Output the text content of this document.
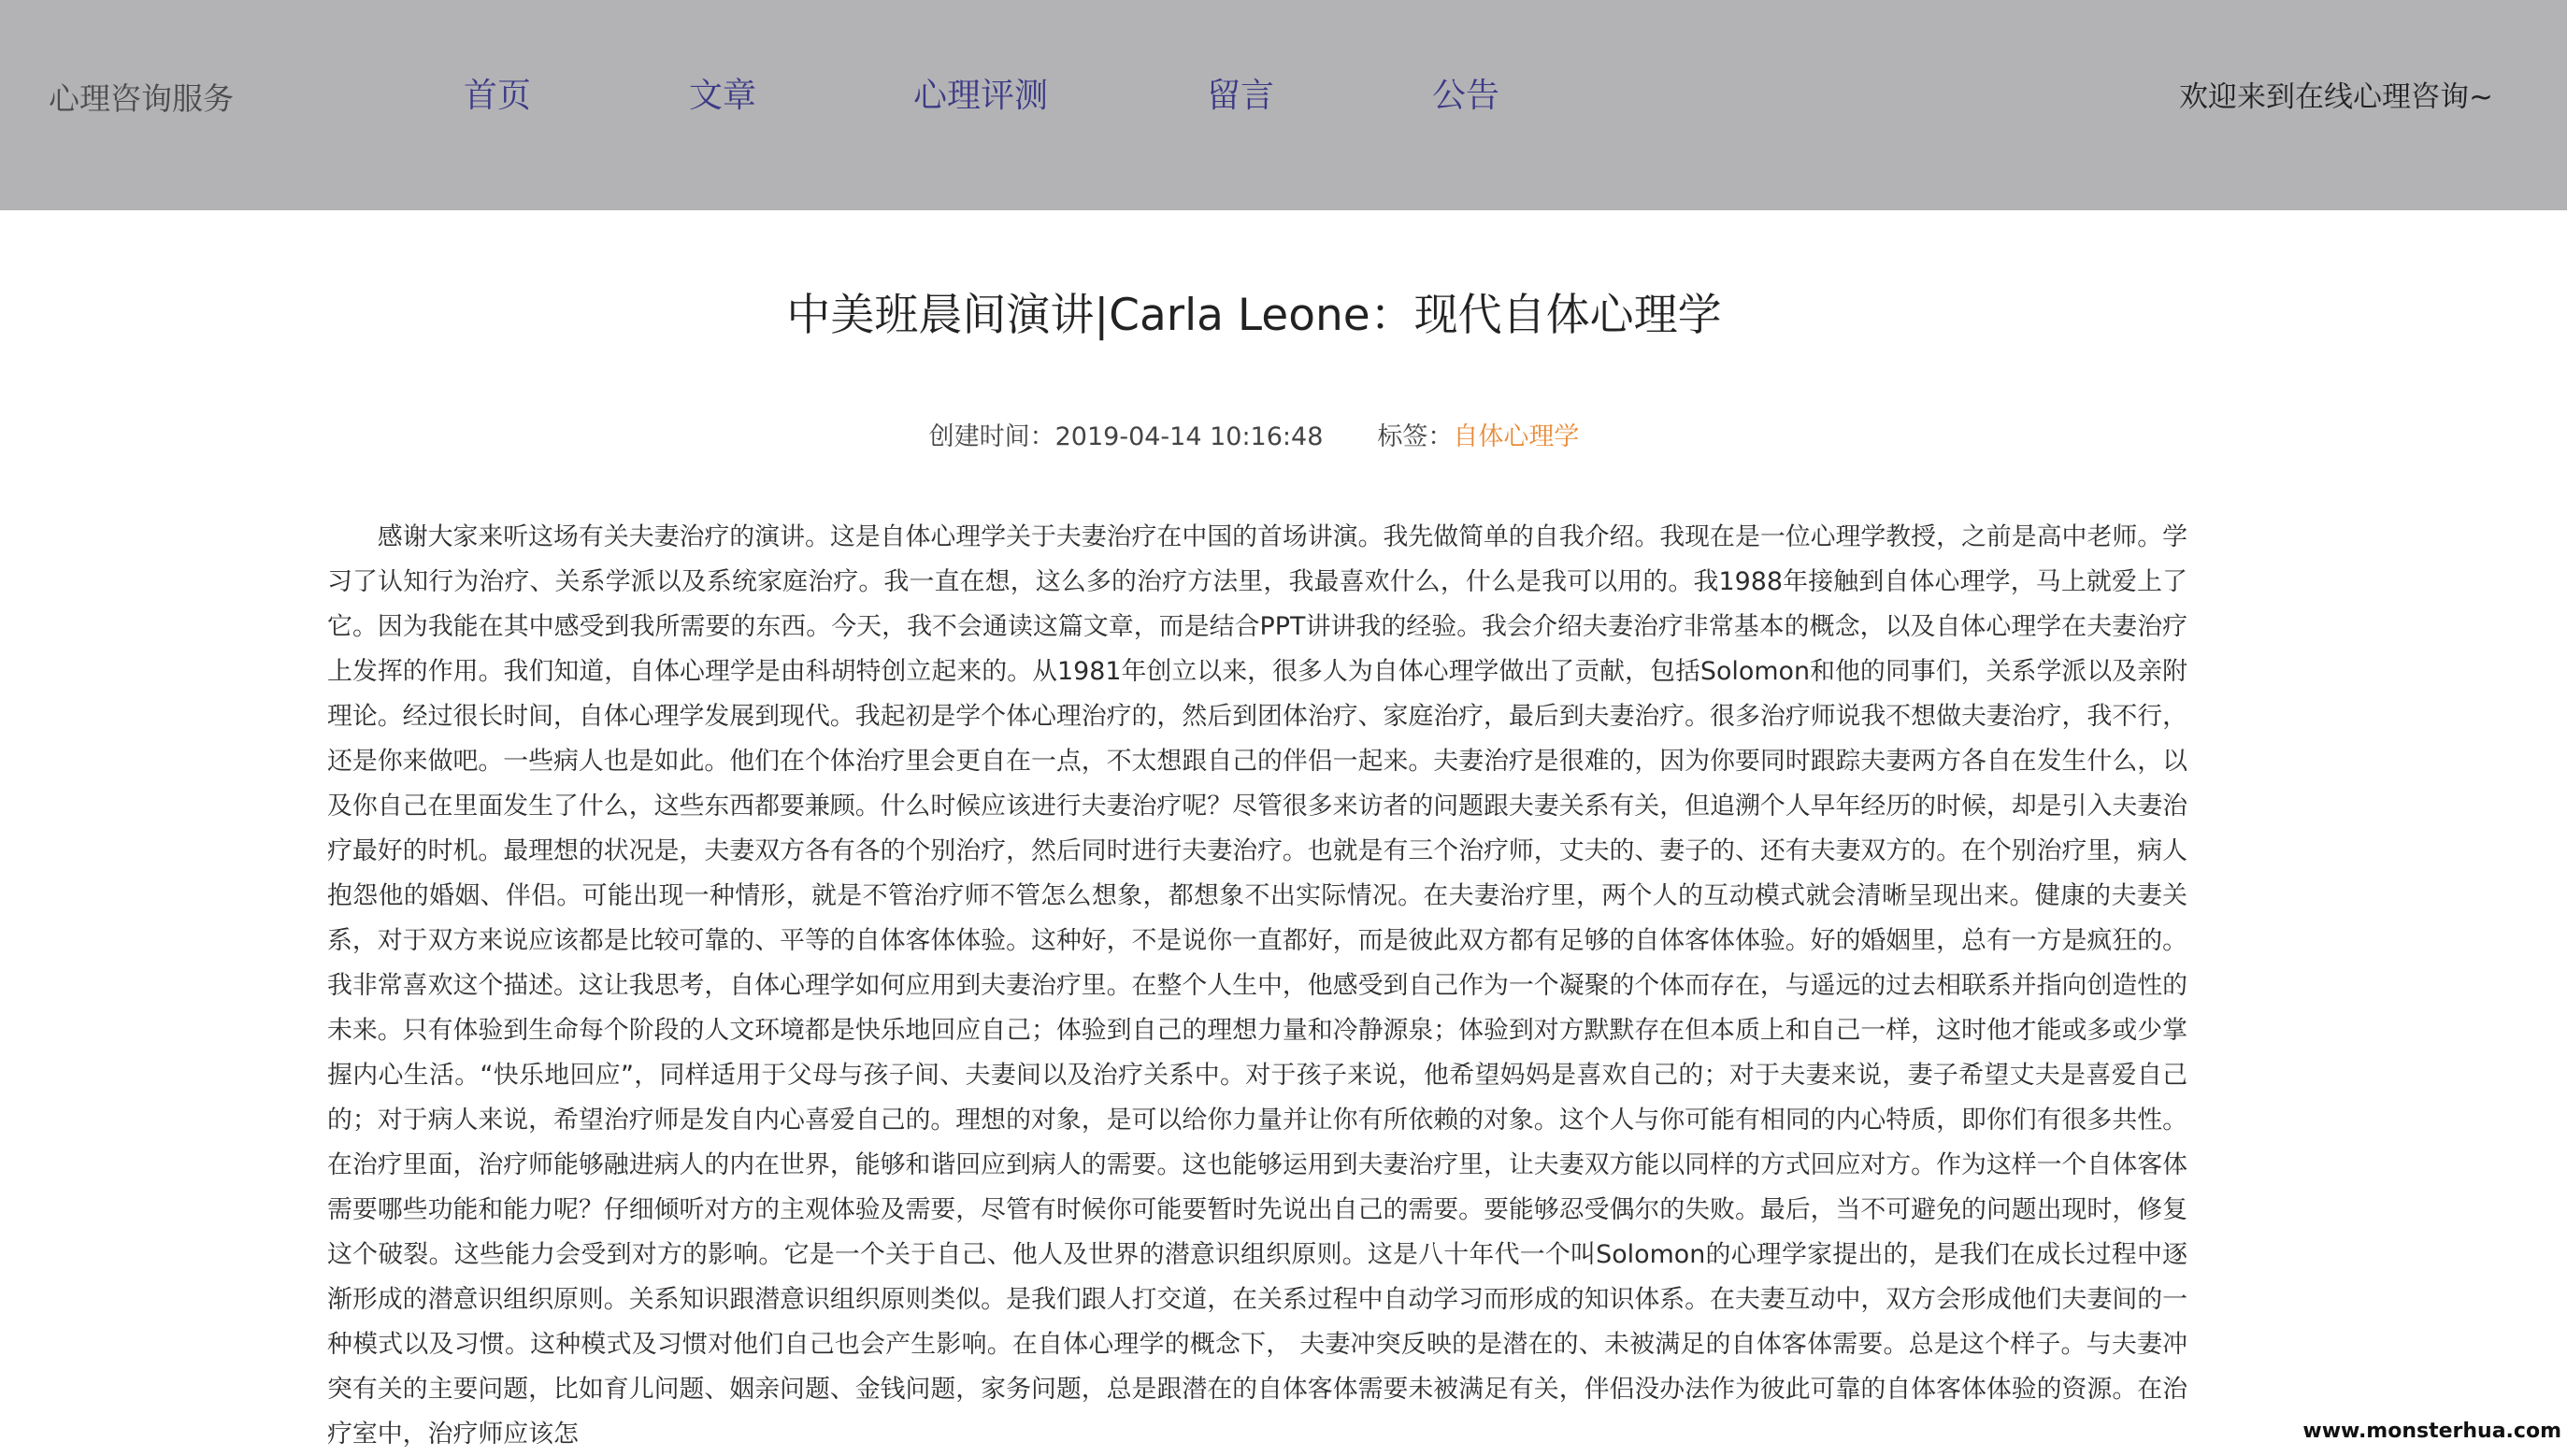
心理咨询服务	首页	文章	心理评测	留言	公告	欢迎来到在线心理咨询~
中美班晨间演讲|Carla Leone：现代自体心理学
创建时间：2019-04-14 10:16:48 标签：自体心理学

感谢大家来听这场有关夫妻治疗的演讲。这是自体心理学关于夫妻治疗在中国的首场讲演。我先做简单的自我介绍。我现在是一位心理学教授，之前是高中老师。学习了认知行为治疗、关系学派以及系统家庭治疗。我一直在想，这么多的治疗方法里，我最喜欢什么，什么是我可以用的。我1988年接触到自体心理学，马上就爱上了它。因为我能在其中感受到我所需要的东西。今天，我不会通读这篇文章，而是结合PPT讲讲我的经验。我会介绍夫妻治疗非常基本的概念，以及自体心理学在夫妻治疗上发挥的作用。我们知道，自体心理学是由科胡特创立起来的。从1981年创立以来，很多人为自体心理学做出了贡献，包括Solomon和他的同事们，关系学派以及亲附理论。经过很长时间，自体心理学发展到现代。我起初是学个体心理治疗的，然后到团体治疗、家庭治疗，最后到夫妻治疗。很多治疗师说我不想做夫妻治疗，我不行，还是你来做吧。一些病人也是如此。他们在个体治疗里会更自在一点，不太想跟自己的伴侣一起来。夫妻治疗是很难的，因为你要同时跟踪夫妻两方各自在发生什么，以及你自己在里面发生了什么，这些东西都要兼顾。什么时候应该进行夫妻治疗呢？尽管很多来访者的问题跟夫妻关系有关，但追溯个人早年经历的时候，却是引入夫妻治疗最好的时机。最理想的状况是，夫妻双方各有各的个别治疗，然后同时进行夫妻治疗。也就是有三个治疗师，丈夫的、妻子的、还有夫妻双方的。在个别治疗里，病人抱怨他的婚姻、伴侣。可能出现一种情形，就是不管治疗师不管怎么想象，都想象不出实际情况。在夫妻治疗里，两个人的互动模式就会清晰呈现出来。健康的夫妻关系，对于双方来说应该都是比较可靠的、平等的自体客体体验。这种好，不是说你一直都好，而是彼此双方都有足够的自体客体体验。好的婚姻里，总有一方是疯狂的。我非常喜欢这个描述。这让我思考，自体心理学如何应用到夫妻治疗里。在整个人生中，他感受到自己作为一个凝聚的个体而存在，与遥远的过去相联系并指向创造性的未来。只有体验到生命每个阶段的人文环境都是快乐地回应自己；体验到自己的理想力量和冷静源泉；体验到对方默默存在但本质上和自己一样，这时他才能或多或少掌握内心生活。“快乐地回应”，同样适用于父母与孩子间、夫妻间以及治疗关系中。对于孩子来说，他希望妈妈是喜欢自己的；对于夫妻来说，妻子希望丈夫是喜爱自己的；对于病人来说，希望治疗师是发自内心喜爱自己的。理想的对象，是可以给你力量并让你有所依赖的对象。这个人与你可能有相同的内心特质，即你们有很多共性。在治疗里面，治疗师能够融进病人的内在世界，能够和谐回应到病人的需要。这也能够运用到夫妻治疗里，让夫妻双方能以同样的方式回应对方。作为这样一个自体客体需要哪些功能和能力呢？仔细倾听对方的主观体验及需要，尽管有时候你可能要暂时先说出自己的需要。要能够忍受偶尔的失败。最后，当不可避免的问题出现时，修复这个破裂。这些能力会受到对方的影响。它是一个关于自己、他人及世界的潜意识组织原则。这是八十年代一个叫Solomon的心理学家提出的，是我们在成长过程中逐渐形成的潜意识组织原则。关系知识跟潜意识组织原则类似。是我们跟人打交道，在关系过程中自动学习而形成的知识体系。在夫妻互动中，双方会形成他们夫妻间的一种模式以及习惯。这种模式及习惯对他们自己也会产生影响。在自体心理学的概念下， 夫妻冲突反映的是潜在的、未被满足的自体客体需要。总是这个样子。与夫妻冲突有关的主要问题，比如育儿问题、姻亲问题、金钱问题，家务问题，总是跟潜在的自体客体需要未被满足有关，伴侣没办法作为彼此可靠的自体客体体验的资源。在治疗室中，治疗师应该怎	www.monsterhua.com
